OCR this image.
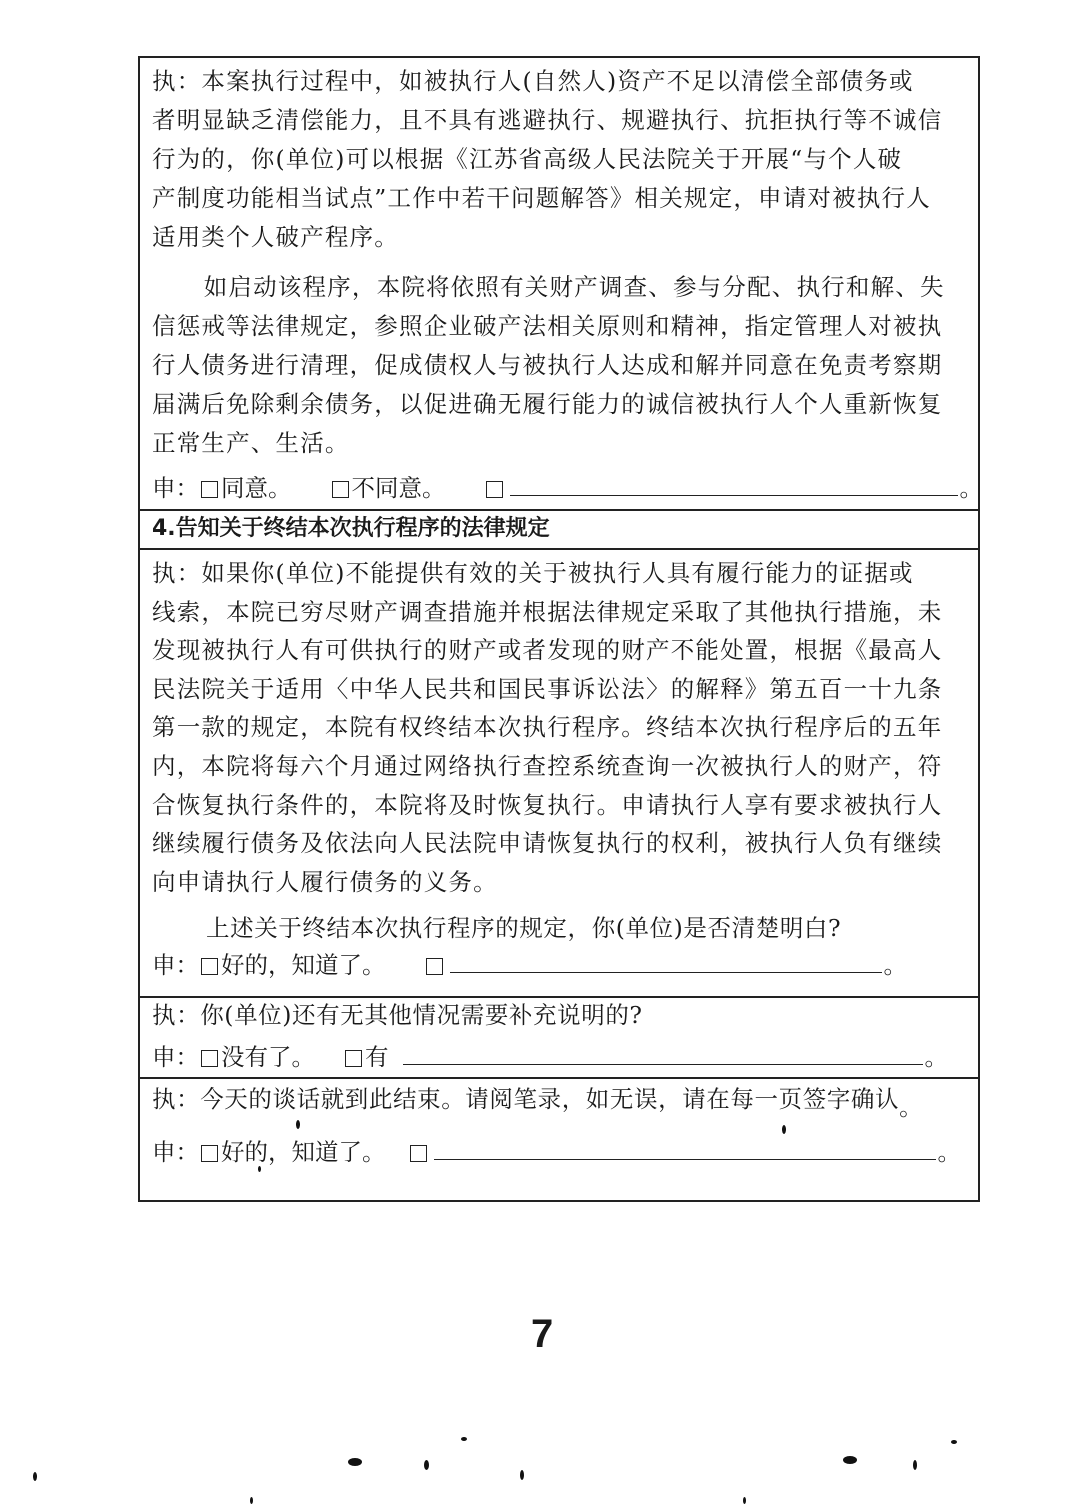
执：本案执行过程中，如被执行人(自然人)资产不足以清偿全部债务或

者明显缺乏清偿能力，且不具有逃避执行、规避执行、抗拒执行等不诚信

行为的，你(单位)可以根据《江苏省高级人民法院关于开展“与个人破

产制度功能相当试点”工作中若干问题解答》相关规定，申请对被执行人

适用类个人破产程序。

如启动该程序，本院将依照有关财产调查、参与分配、执行和解、失

信惩戒等法律规定，参照企业破产法相关原则和精神，指定管理人对被执

行人债务进行清理，促成债权人与被执行人达成和解并同意在免责考察期

届满后免除剩余债务，以促进确无履行能力的诚信被执行人个人重新恢复

正常生产、生活。

申： 同意。	不同意。	。
4.告知关于终结本次执行程序的法律规定

执：如果你(单位)不能提供有效的关于被执行人具有履行能力的证据或

线索，本院已穷尽财产调查措施并根据法律规定采取了其他执行措施，未

发现被执行人有可供执行的财产或者发现的财产不能处置，根据《最高人

民法院关于适用〈中华人民共和国民事诉讼法〉的解释》第五百一十九条

第一款的规定，本院有权终结本次执行程序。终结本次执行程序后的五年

内，本院将每六个月通过网络执行查控系统查询一次被执行人的财产，符

合恢复执行条件的，本院将及时恢复执行。申请执行人享有要求被执行人

继续履行债务及依法向人民法院申请恢复执行的权利，被执行人负有继续

向申请执行人履行债务的义务。

上述关于终结本次执行程序的规定，你(单位)是否清楚明白?
申： 好的，知道了。	。
执：你(单位)还有无其他情况需要补充说明的?
申： 没有了。 有	。
执：今天的谈话就到此结束。请阅笔录，如无误，请在每一页签字确认。
申： 好的，知道了。	。
7
